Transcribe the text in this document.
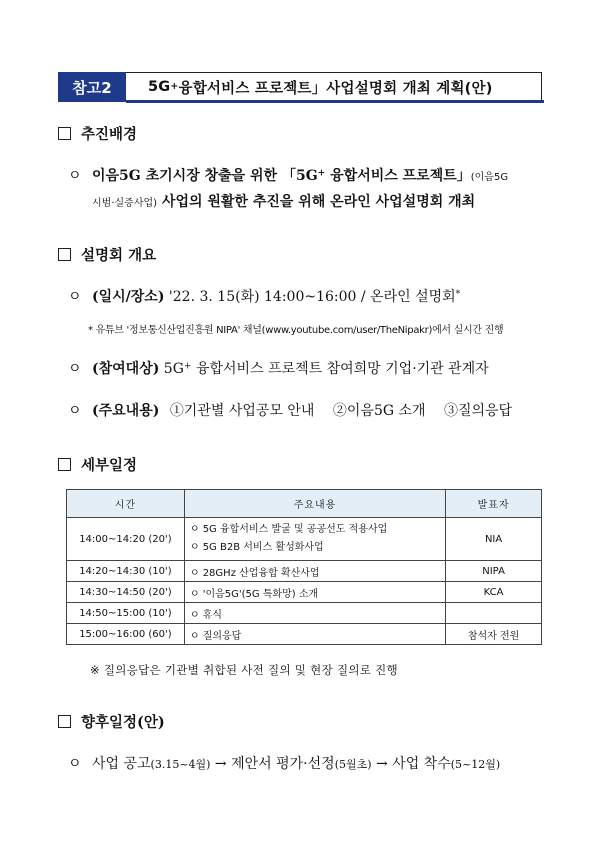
참고2	5G + 융합서비스 프로젝트」사업설명회 개최 계획(안)
추진배경
ㅇ 이음5G 초기시장 창출을 위한 「5G+ 융합서비스 프로젝트」(이음5G
시범·실증사업) 사업의 원활한 추진을 위해 온라인 사업설명회 개최
설명회 개요
ㅇ (일시/장소) '22. 3. 15(화) 14:00~16:00 / 온라인 설명회*
* 유튜브 '정보통신산업진흥원 NIPA' 채널(www.youtube.com/user/TheNipakr)에서 실시간 진행
ㅇ (참여대상) 5G+ 융합서비스 프로젝트 참여희망 기업·기관 관계자
ㅇ (주요내용) ①기관별 사업공모 안내 ②이음5G 소개 ③질의응답
세부일정
시간	주요내용	발표자
14:00~14:20 (20')	ㅇ 5G 융합서비스 발굴 및 공공선도 적용사업
ㅇ 5G B2B 서비스 활성화사업	NIA
14:20~14:30 (10')	ㅇ 28GHz 산업융합 확산사업	NIPA
14:30~14:50 (20')	ㅇ '이음5G'(5G 특화망) 소개	KCA
14:50~15:00 (10')	ㅇ 휴식	
15:00~16:00 (60')	ㅇ 질의응답	참석자 전원
※ 질의응답은 기관별 취합된 사전 질의 및 현장 질의로 진행
향후일정(안)
ㅇ 사업 공고(3.15~4월) → 제안서 평가·선정(5월초) → 사업 착수(5~12월)
